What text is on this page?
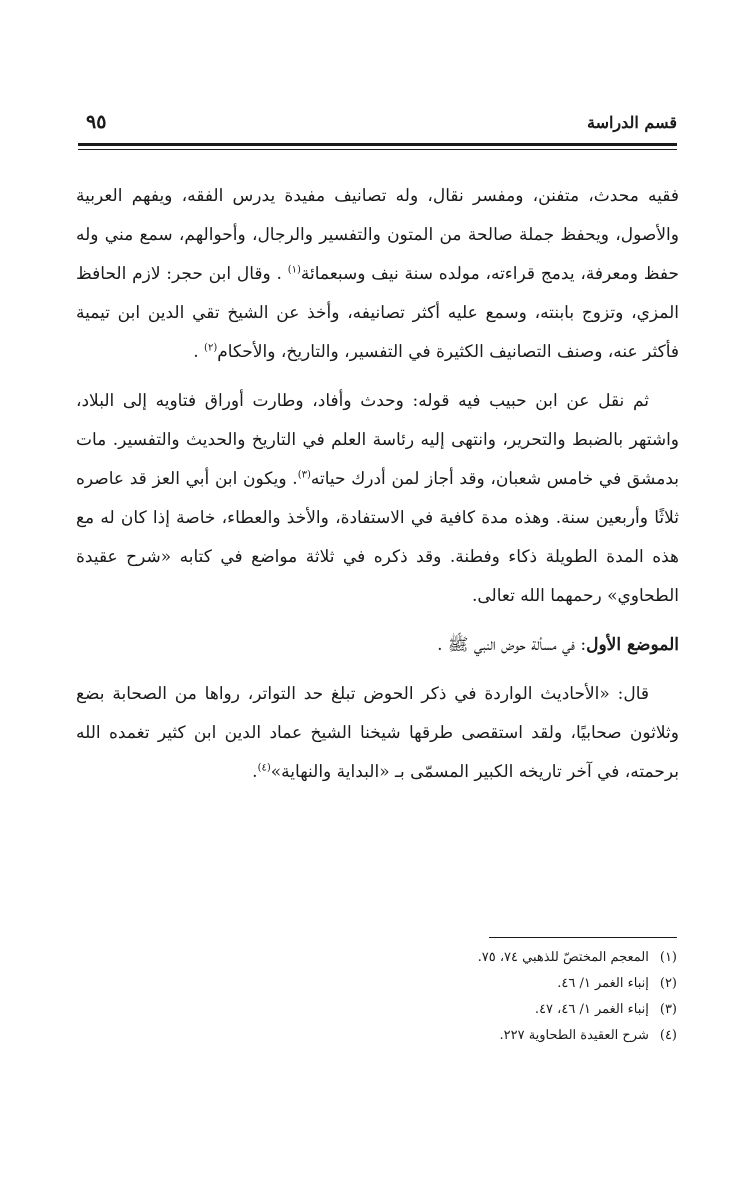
قسم الدراسة
٩٥

فقيه محدث، متفنن، ومفسر نقال، وله تصانيف مفيدة يدرس الفقه، ويفهم العربية والأصول، ويحفظ جملة صالحة من المتون والتفسير والرجال، وأحوالهم، سمع مني وله حفظ ومعرفة، يدمج قراءته، مولده سنة نيف وسبعمائة$^{(١)}$ . وقال ابن حجر: لازم الحافظ المزي، وتزوج بابنته، وسمع عليه أكثر تصانيفه، وأخذ عن الشيخ تقي الدين ابن تيمية فأكثر عنه، وصنف التصانيف الكثيرة في التفسير، والتاريخ، والأحكام$^{(٢)}$ .

ثم نقل عن ابن حبيب فيه قوله: وحدث وأفاد، وطارت أوراق فتاويه إلى البلاد، واشتهر بالضبط والتحرير، وانتهى إليه رئاسة العلم في التاريخ والحديث والتفسير. مات بدمشق في خامس شعبان، وقد أجاز لمن أدرك حياته$^{(٣)}$. ويكون ابن أبي العز قد عاصره ثلاثًا وأربعين سنة. وهذه مدة كافية في الاستفادة، والأخذ والعطاء، خاصة إذا كان له مع هذه المدة الطويلة ذكاء وفطنة. وقد ذكره في ثلاثة مواضع في كتابه «شرح عقيدة الطحاوي» رحمهما الله تعالى.

الموضع الأول: في مسألة حوض النبي ﷺ .

قال: «الأحاديث الواردة في ذكر الحوض تبلغ حد التواتر، رواها من الصحابة بضع وثلاثون صحابيًا، ولقد استقصى طرقها شيخنا الشيخ عماد الدين ابن كثير تغمده الله برحمته، في آخر تاريخه الكبير المسمّى بـ «البداية والنهاية»$^{(٤)}$.

(١) المعجم المختصّ للذهبي ٧٤، ٧٥.
(٢) إنباء الغمر ١/ ٤٦.
(٣) إنباء الغمر ١/ ٤٦، ٤٧.
(٤) شرح العقيدة الطحاوية ٢٢٧.
